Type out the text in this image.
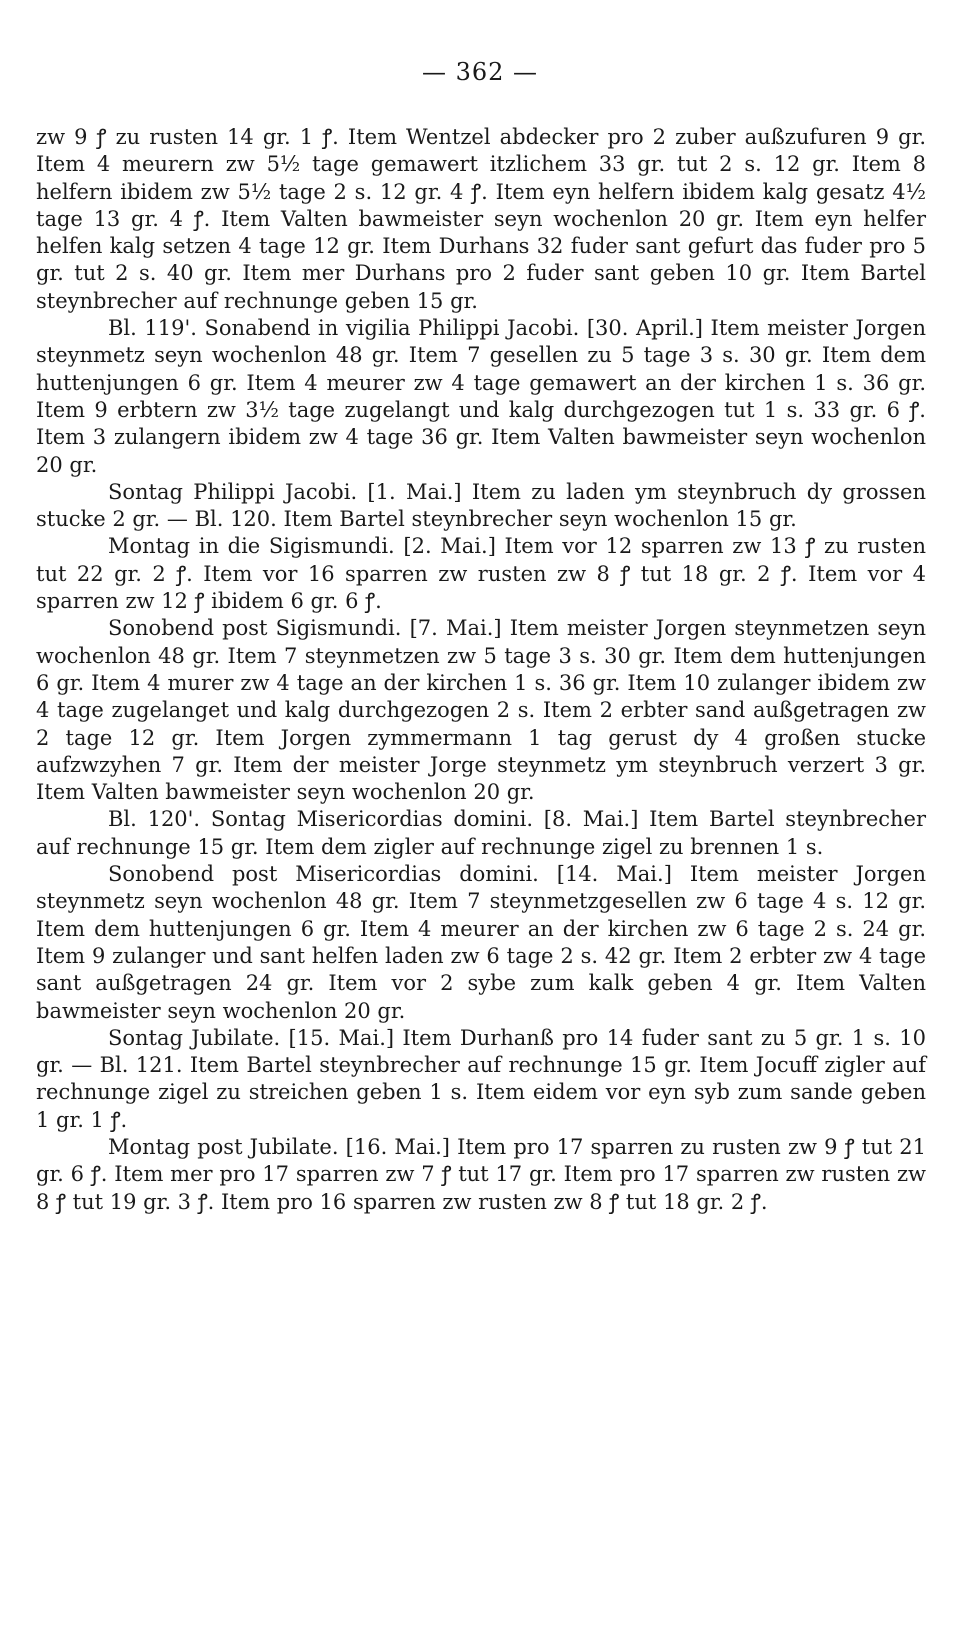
— 362 —

zw 9 ꝭ zu rusten 14 gr. 1 ꝭ. Item Wentzel abdecker pro 2 zuber außzufuren 9 gr. Item 4 meurern zw 5½ tage gemawert itzlichem 33 gr. tut 2 s. 12 gr. Item 8 helfern ibidem zw 5½ tage 2 s. 12 gr. 4 ꝭ. Item eyn helfern ibidem kalg gesatz 4½ tage 13 gr. 4 ꝭ. Item Valten bawmeister seyn wochenlon 20 gr. Item eyn helfer helfen kalg setzen 4 tage 12 gr. Item Durhans 32 fuder sant gefurt das fuder pro 5 gr. tut 2 s. 40 gr. Item mer Durhans pro 2 fuder sant geben 10 gr. Item Bartel steynbrecher auf rechnunge geben 15 gr.

Bl. 119'. Sonabend in vigilia Philippi Jacobi. [30. April.] Item meister Jorgen steynmetz seyn wochenlon 48 gr. Item 7 gesellen zu 5 tage 3 s. 30 gr. Item dem huttenjungen 6 gr. Item 4 meurer zw 4 tage gemawert an der kirchen 1 s. 36 gr. Item 9 erbtern zw 3½ tage zugelangt und kalg durchgezogen tut 1 s. 33 gr. 6 ꝭ. Item 3 zulangern ibidem zw 4 tage 36 gr. Item Valten bawmeister seyn wochenlon 20 gr.

Sontag Philippi Jacobi. [1. Mai.] Item zu laden ym steynbruch dy grossen stucke 2 gr. — Bl. 120. Item Bartel steynbrecher seyn wochenlon 15 gr.

Montag in die Sigismundi. [2. Mai.] Item vor 12 sparren zw 13 ꝭ zu rusten tut 22 gr. 2 ꝭ. Item vor 16 sparren zw rusten zw 8 ꝭ tut 18 gr. 2 ꝭ. Item vor 4 sparren zw 12 ꝭ ibidem 6 gr. 6 ꝭ.

Sonobend post Sigismundi. [7. Mai.] Item meister Jorgen steynmetzen seyn wochenlon 48 gr. Item 7 steynmetzen zw 5 tage 3 s. 30 gr. Item dem huttenjungen 6 gr. Item 4 murer zw 4 tage an der kirchen 1 s. 36 gr. Item 10 zulanger ibidem zw 4 tage zugelanget und kalg durchgezogen 2 s. Item 2 erbter sand außgetragen zw 2 tage 12 gr. Item Jorgen zymmermann 1 tag gerust dy 4 großen stucke aufzwzyhen 7 gr. Item der meister Jorge steynmetz ym steynbruch verzert 3 gr. Item Valten bawmeister seyn wochenlon 20 gr.

Bl. 120'. Sontag Misericordias domini. [8. Mai.] Item Bartel steynbrecher auf rechnunge 15 gr. Item dem zigler auf rechnunge zigel zu brennen 1 s.

Sonobend post Misericordias domini. [14. Mai.] Item meister Jorgen steynmetz seyn wochenlon 48 gr. Item 7 steynmetzgesellen zw 6 tage 4 s. 12 gr. Item dem huttenjungen 6 gr. Item 4 meurer an der kirchen zw 6 tage 2 s. 24 gr. Item 9 zulanger und sant helfen laden zw 6 tage 2 s. 42 gr. Item 2 erbter zw 4 tage sant außgetragen 24 gr. Item vor 2 sybe zum kalk geben 4 gr. Item Valten bawmeister seyn wochenlon 20 gr.

Sontag Jubilate. [15. Mai.] Item Durhanß pro 14 fuder sant zu 5 gr. 1 s. 10 gr. — Bl. 121. Item Bartel steynbrecher auf rechnunge 15 gr. Item Jocuff zigler auf rechnunge zigel zu streichen geben 1 s. Item eidem vor eyn syb zum sande geben 1 gr. 1 ꝭ.

Montag post Jubilate. [16. Mai.] Item pro 17 sparren zu rusten zw 9 ꝭ tut 21 gr. 6 ꝭ. Item mer pro 17 sparren zw 7 ꝭ tut 17 gr. Item pro 17 sparren zw rusten zw 8 ꝭ tut 19 gr. 3 ꝭ. Item pro 16 sparren zw rusten zw 8 ꝭ tut 18 gr. 2 ꝭ.
